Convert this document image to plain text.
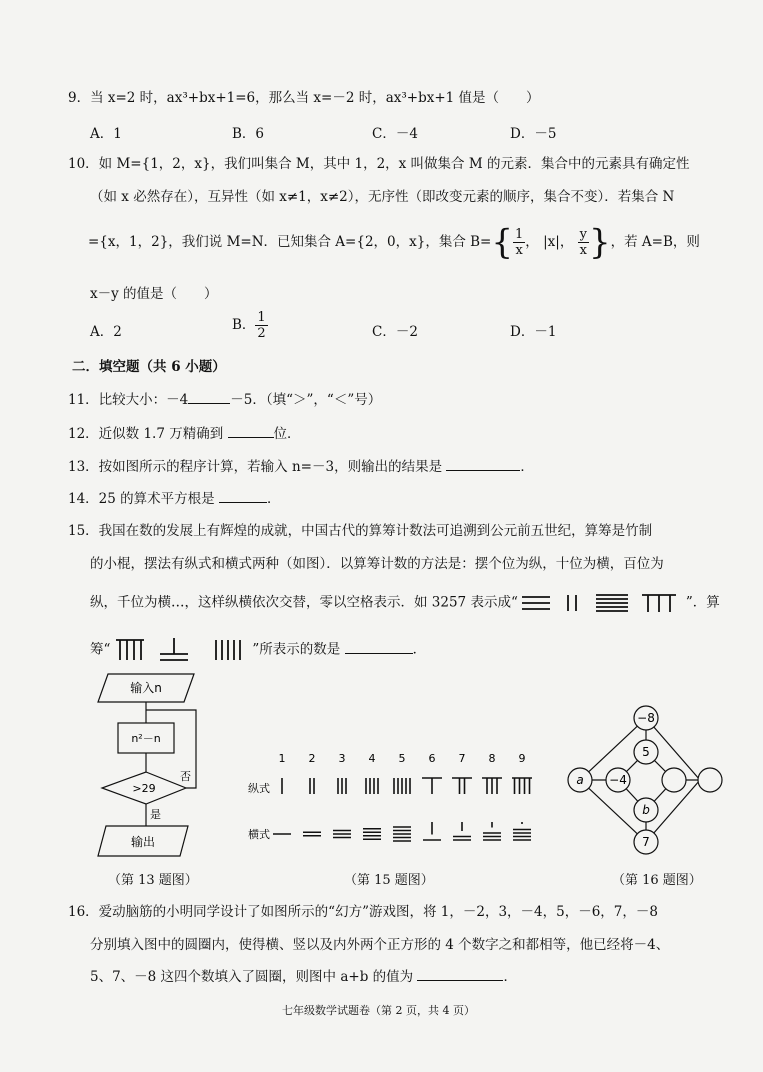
9．当 x=2 时，ax³+bx+1=6，那么当 x=－2 时，ax³+bx+1 值是（　　）
A．1	B．6	C．－4	D．－5
10．如 M={1，2，x}，我们叫集合 M，其中 1，2，x 叫做集合 M 的元素．集合中的元素具有确定性
（如 x 必然存在），互异性（如 x≠1，x≠2），无序性（即改变元素的顺序，集合不变）．若集合 N
={x，1，2}，我们说 M=N．已知集合 A={2，0，x}，集合 $B=\{ \frac{1}{x}$ ， |x|， $\frac{y}{x}$ }，若 A=B，则
x－y 的值是（　　）
A．2	B． $\frac{1}{2}$	C．－2	D．－1
二．填空题（共 6 小题）
11．比较大小：－4	－5．（填“＞”，“＜”号）
12．近似数 1.7 万精确到	位．
13．按如图所示的程序计算，若输入 n=－3，则输出的结果是	．
14．25 的算术平方根是	．
15．我国在数的发展上有辉煌的成就，中国古代的算筹计数法可追溯到公元前五世纪，算筹是竹制
的小棍，摆法有纵式和横式两种（如图）．以算筹计数的方法是：摆个位为纵，十位为横，百位为
纵，千位为横…，这样纵横依次交替，零以空格表示．如 3257 表示成“	”．算
筹“	”所表示的数是	．
输入n
n²－n
>29
否
是
输出
（第 13 题图）
纵式
横式
1 2 3 4 5 6 7 8 9
（第 15 题图）
−8
5
−4
b
a
7
（第 16 题图）
16．爱动脑筋的小明同学设计了如图所示的“幻方”游戏图，将 1，－2，3，－4，5，－6，7，－8
分别填入图中的圆圈内，使得横、竖以及内外两个正方形的 4 个数字之和都相等，他已经将－4、
5、7、－8 这四个数填入了圆圈，则图中 a+b 的值为	．
七年级数学试题卷（第 2 页，共 4 页）
